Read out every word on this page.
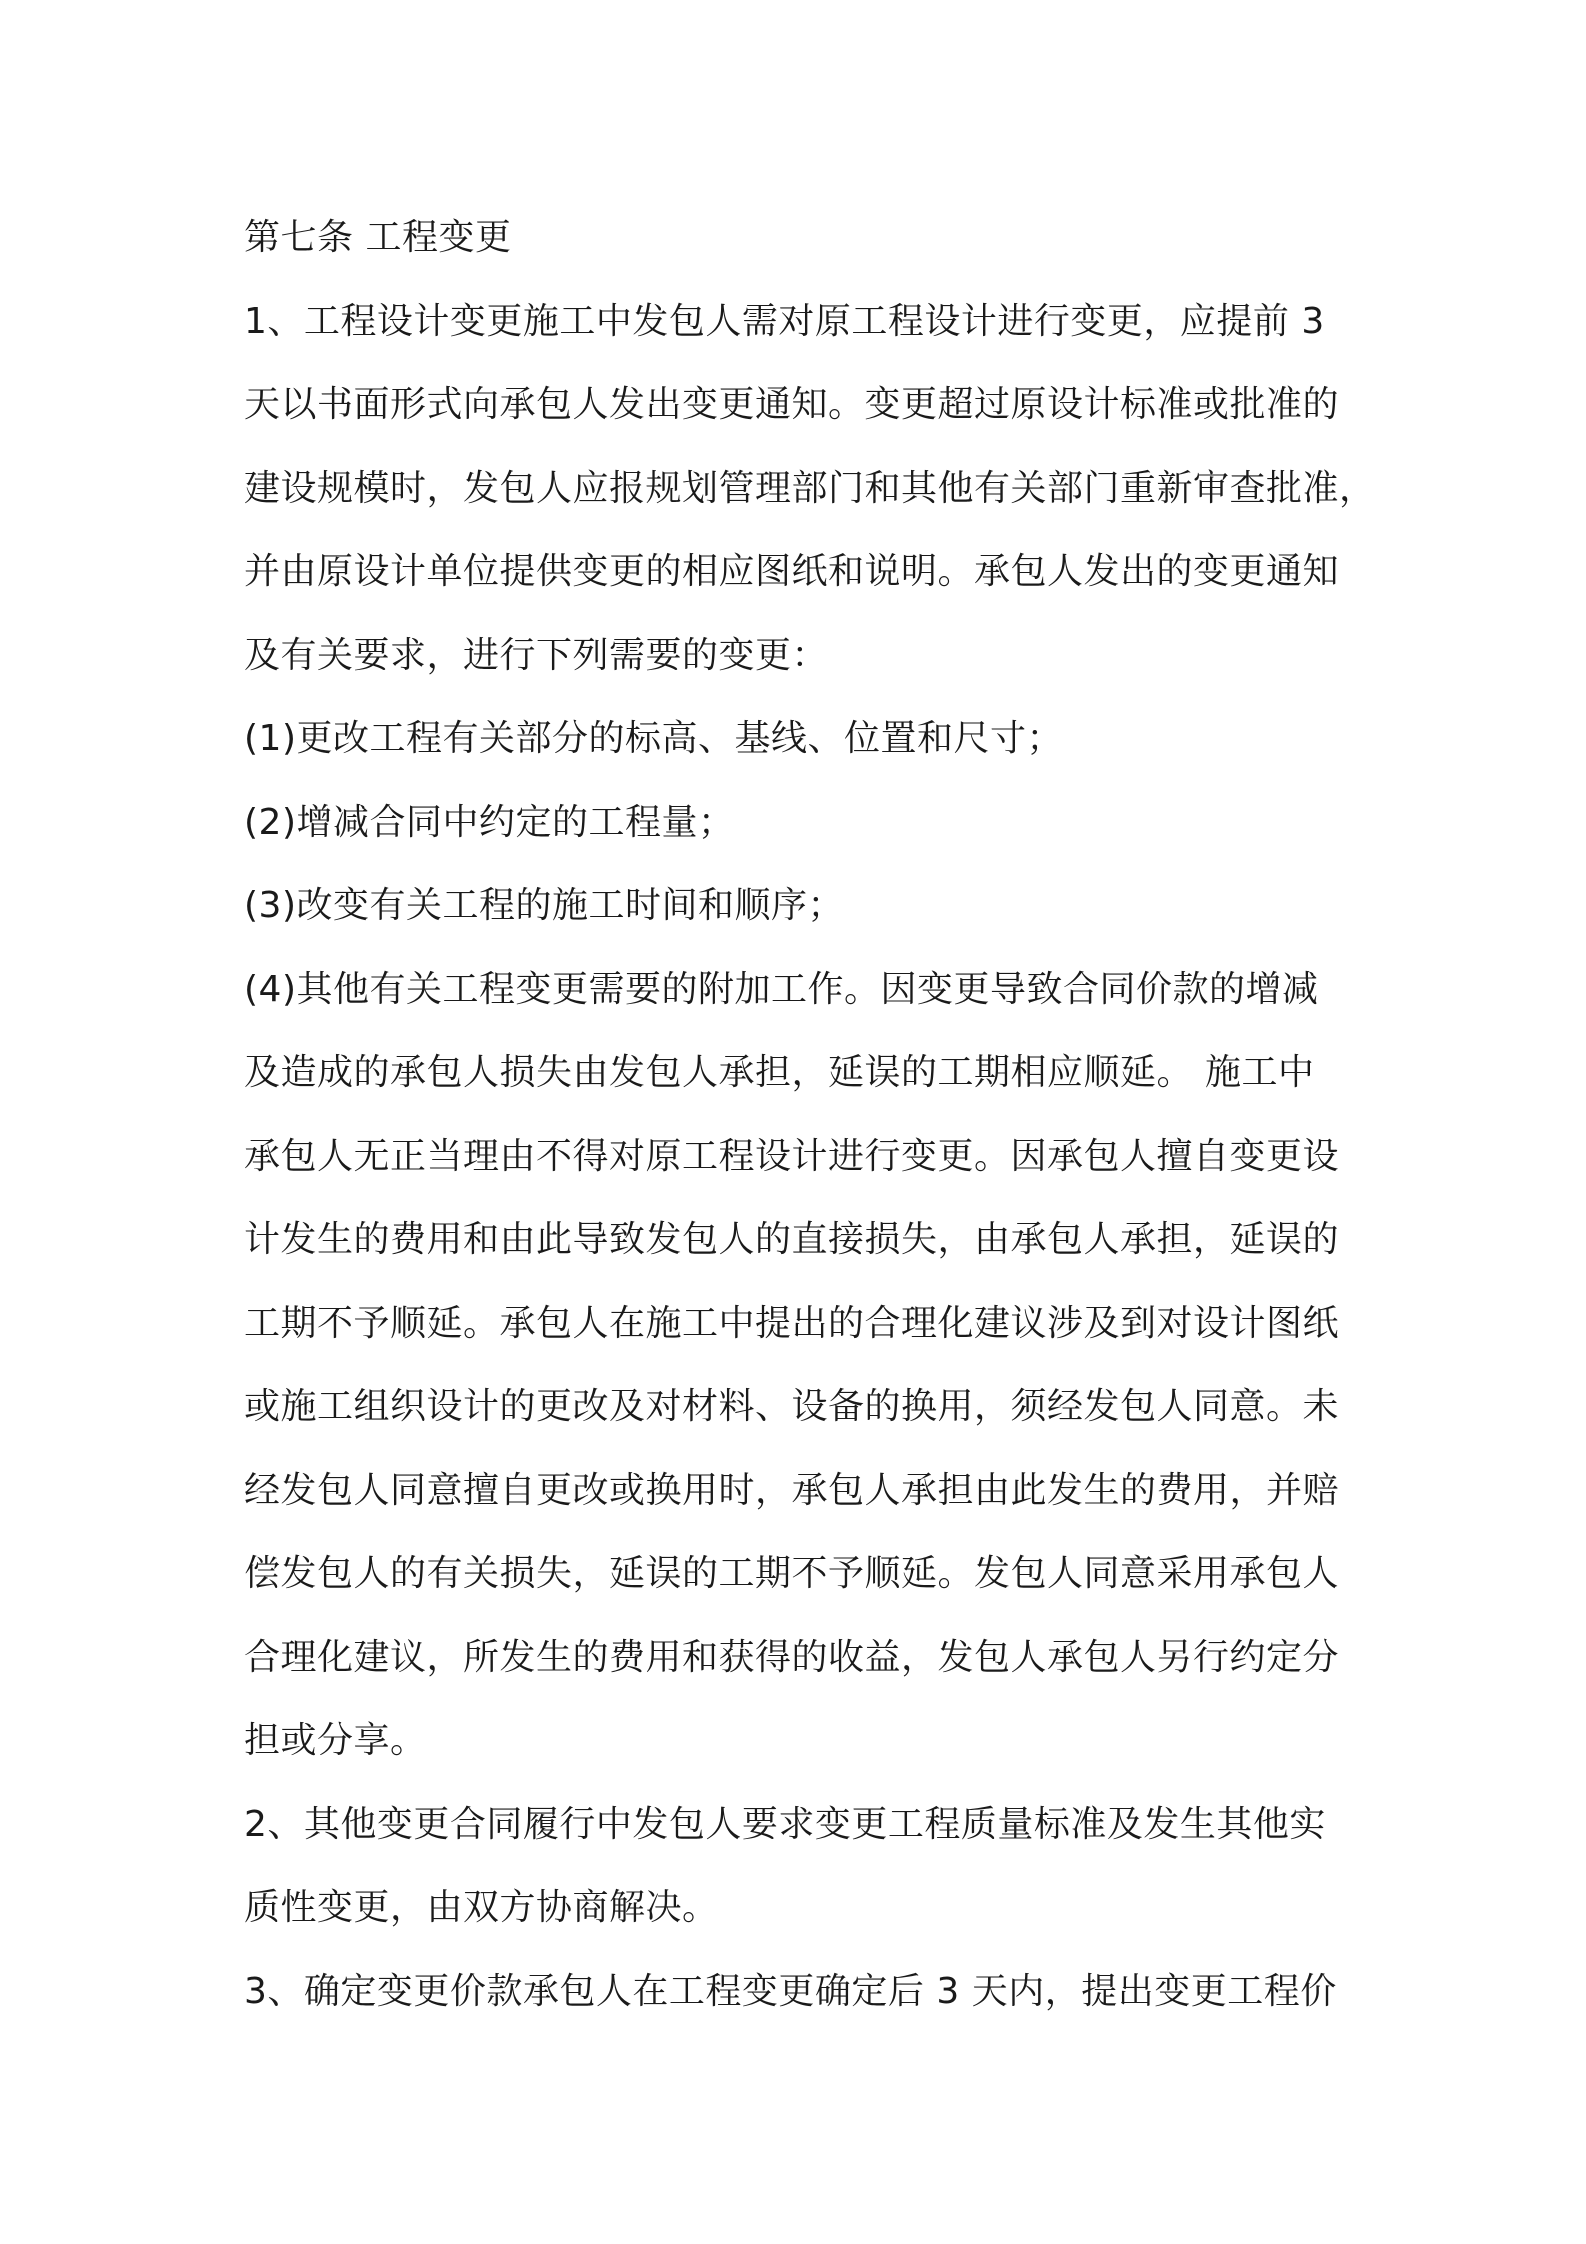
第七条 工程变更
1、工程设计变更施工中发包人需对原工程设计进行变更，应提前 3
天以书面形式向承包人发出变更通知。变更超过原设计标准或批准的
建设规模时，发包人应报规划管理部门和其他有关部门重新审查批准，
并由原设计单位提供变更的相应图纸和说明。承包人发出的变更通知
及有关要求，进行下列需要的变更：
(1)更改工程有关部分的标高、基线、位置和尺寸；
(2)增减合同中约定的工程量；
(3)改变有关工程的施工时间和顺序；
(4)其他有关工程变更需要的附加工作。因变更导致合同价款的增减
及造成的承包人损失由发包人承担，延误的工期相应顺延。 施工中
承包人无正当理由不得对原工程设计进行变更。因承包人擅自变更设
计发生的费用和由此导致发包人的直接损失，由承包人承担，延误的
工期不予顺延。承包人在施工中提出的合理化建议涉及到对设计图纸
或施工组织设计的更改及对材料、设备的换用，须经发包人同意。未
经发包人同意擅自更改或换用时，承包人承担由此发生的费用，并赔
偿发包人的有关损失，延误的工期不予顺延。发包人同意采用承包人
合理化建议，所发生的费用和获得的收益，发包人承包人另行约定分
担或分享。
2、其他变更合同履行中发包人要求变更工程质量标准及发生其他实
质性变更，由双方协商解决。
3、确定变更价款承包人在工程变更确定后 3 天内，提出变更工程价
